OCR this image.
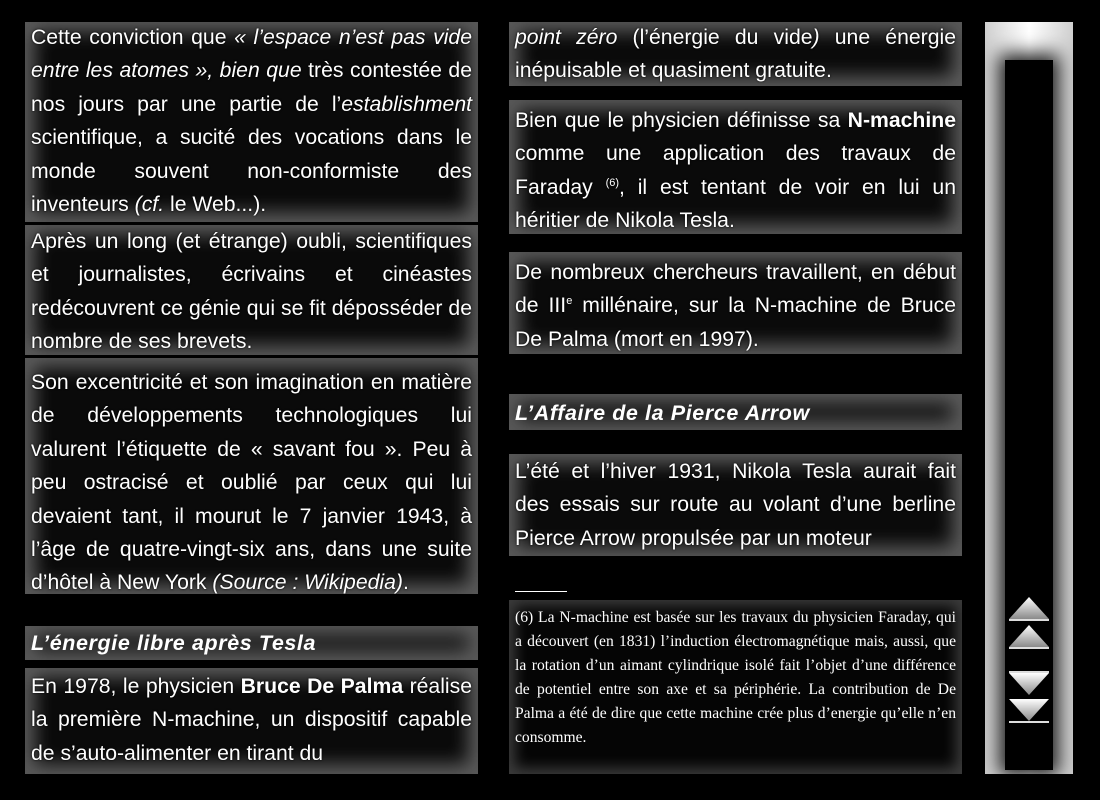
Cette conviction que « l’espace n’est pas vide entre les atomes », bien que très contestée de nos jours par une partie de l’establishment scientifique, a sucité des vocations dans le monde souvent non-conformiste des inventeurs (cf. le Web...).

Après un long (et étrange) oubli, scientifiques et journalistes, écrivains et cinéastes redécouvrent ce génie qui se fit déposséder de nombre de ses brevets.

Son excentricité et son imagination en matière de développements technologiques lui valurent l’étiquette de « savant fou ». Peu à peu ostracisé et oublié par ceux qui lui devaient tant, il mourut le 7 janvier 1943, à l’âge de quatre-vingt-six ans, dans une suite d’hôtel à New York (Source : Wikipedia).

L’énergie libre après Tesla

En 1978, le physicien Bruce De Palma réalise la première N-machine, un dispositif capable de s’auto-alimenter en tirant du

point zéro (l’énergie du vide) une énergie inépuisable et quasiment gratuite.

Bien que le physicien définisse sa N-machine comme une application des travaux de Faraday $^{(6)}$, il est tentant de voir en lui un héritier de Nikola Tesla.

De nombreux chercheurs travaillent, en début de IIIe millénaire, sur la N-machine de Bruce De Palma (mort en 1997).

L’Affaire de la Pierce Arrow

L’été et l’hiver 1931, Nikola Tesla aurait fait des essais sur route au volant d’une berline Pierce Arrow propulsée par un moteur

(6) La N-machine est basée sur les travaux du physicien Faraday, qui a découvert (en 1831) l’induction électromagnétique mais, aussi, que la rotation d’un aimant cylindrique isolé fait l’objet d’une différence de potentiel entre son axe et sa périphérie. La contribution de De Palma a été de dire que cette machine crée plus d’energie qu’elle n’en consomme.
